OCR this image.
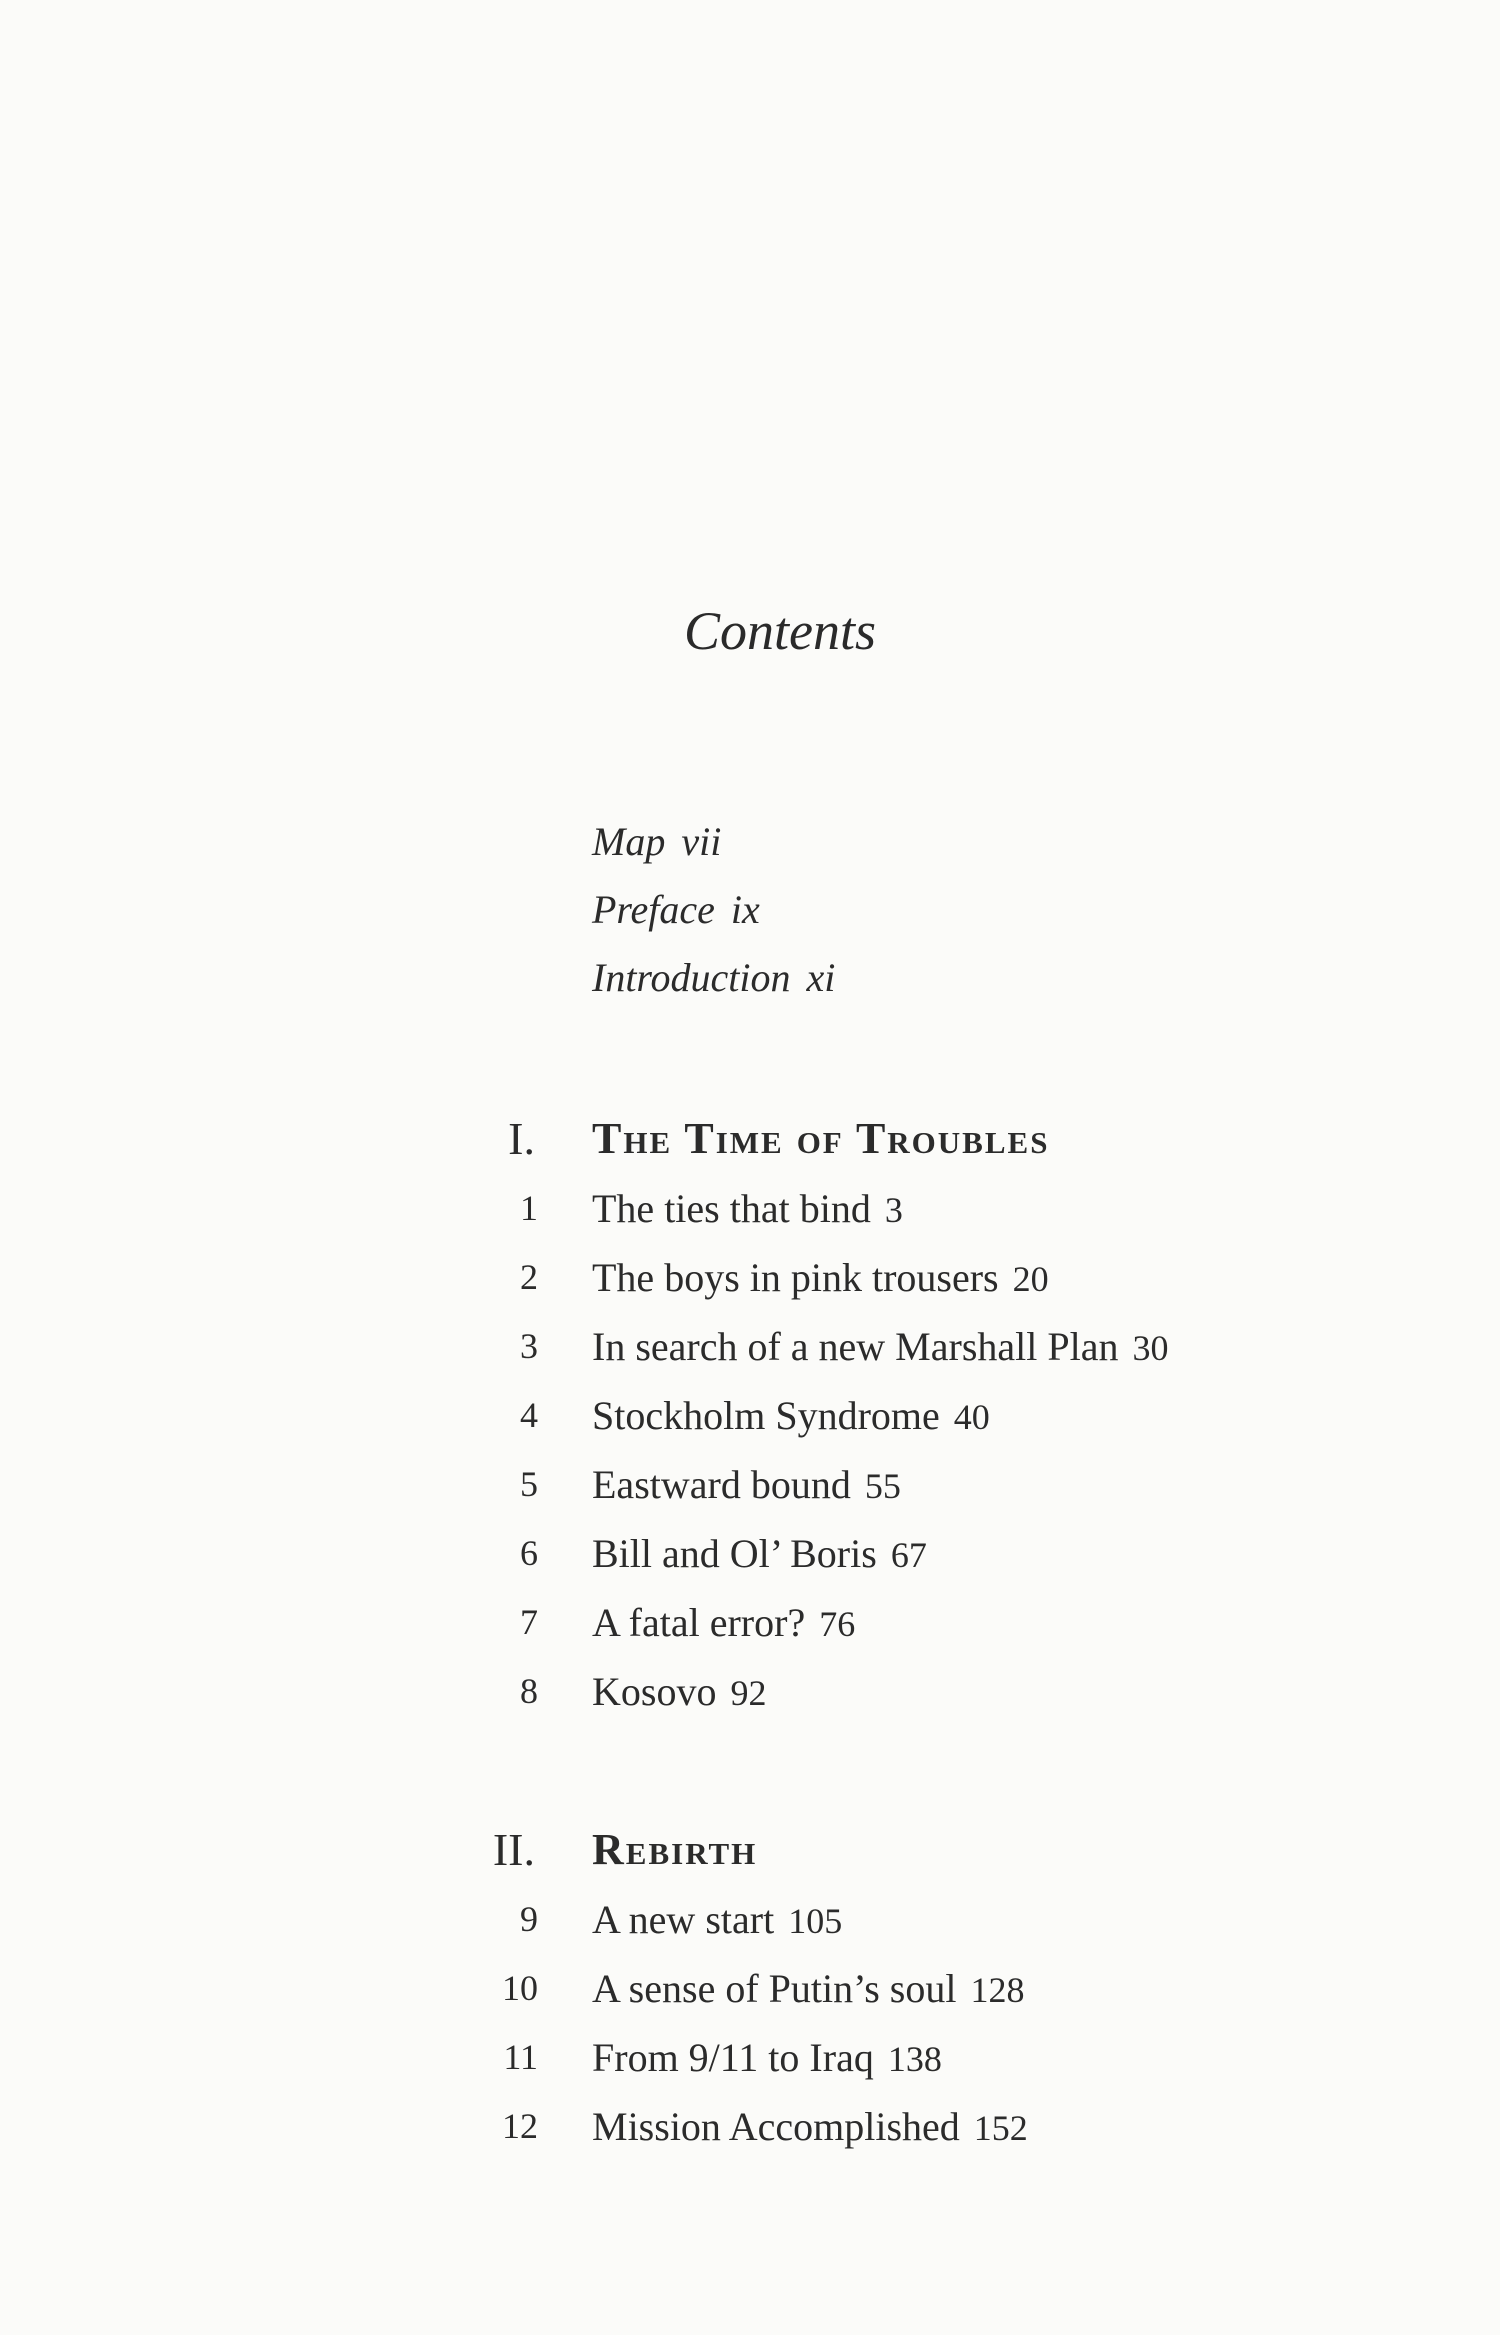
Contents
Map vii
Preface ix
Introduction xi
I. The Time of Troubles
1 The ties that bind 3
2 The boys in pink trousers 20
3 In search of a new Marshall Plan 30
4 Stockholm Syndrome 40
5 Eastward bound 55
6 Bill and Ol’ Boris 67
7 A fatal error? 76
8 Kosovo 92
II. Rebirth
9 A new start 105
10 A sense of Putin’s soul 128
11 From 9/11 to Iraq 138
12 Mission Accomplished 152
